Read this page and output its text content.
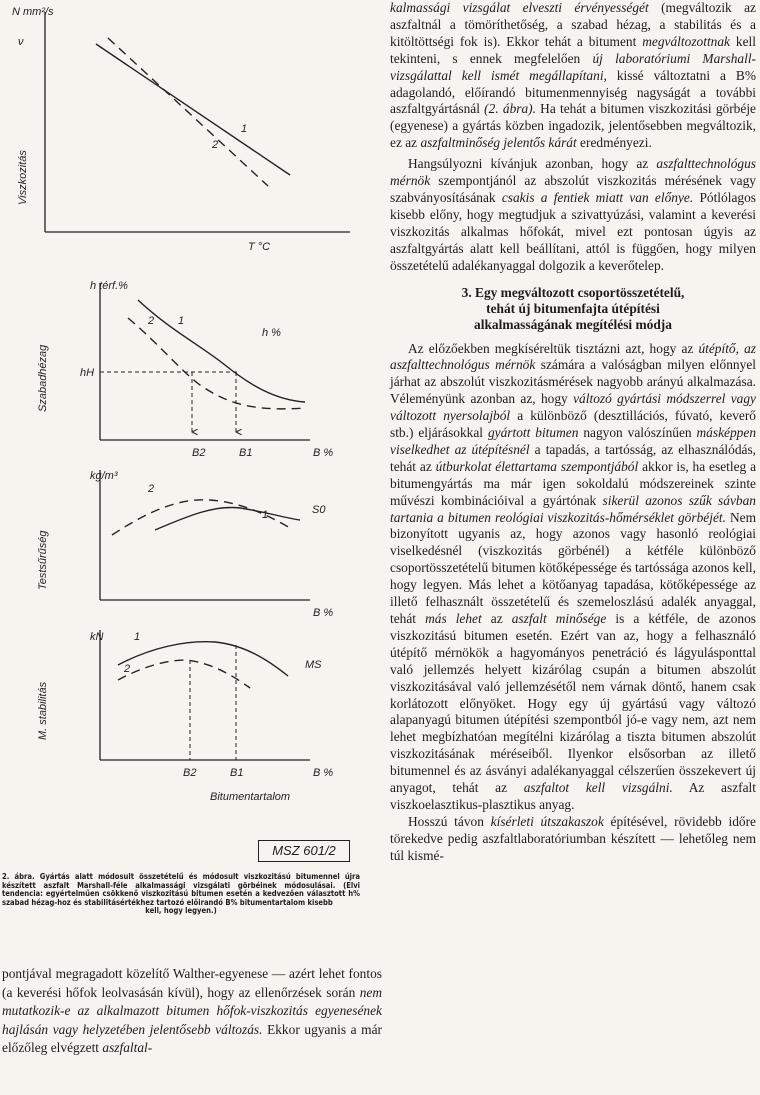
N mm²/s
ν
Viszkozitás
T °C
1
2
h térf.%
Szabadhézag	hH
h %
1
2
B2	B1	B %
kg/m³
Testsűrűség
S0
2
1
B %
kN
M. stabilitás
MS
1
2
B2	B1	B %
Bitumentartalom
MSZ 601/2
2. ábra. Gyártás alatt módosult összetételű és módosult viszkozitású bitumennel újra készített aszfalt Marshall-féle alkalmassági vizsgálati görbéinek módosulásai. (Elvi tendencia: egyértelműen csökkenő viszkozitású bitumen esetén a kedvezően választott h% szabad hézag-hoz és stabilitásértékhez tartozó előirandó B% bitumentartalom kisebb
kell, hogy legyen.)
pontjával megragadott közelítő Walther-egyenese — azért lehet fontos (a keverési hőfok leolvasásán kívül), hogy az ellenőrzések során nem mutatkozik-e az alkalmazott bitumen hőfok-viszkozitás egyenesének hajlásán vagy helyzetében jelentősebb változás. Ekkor ugyanis a már előzőleg elvégzett aszfaltal-

kalmassági vizsgálat elveszti érvényességét (megváltozik az aszfaltnál a tömöríthetőség, a szabad hézag, a stabilitás és a kitöltöttségi fok is). Ekkor tehát a bitument megváltozottnak kell tekinteni, s ennek megfelelően új laboratóriumi Marshall-vizsgálattal kell ismét megállapítani, kissé változtatni a B% adagolandó, előírandó bitumenmennyiség nagyságát a további aszfaltgyártásnál (2. ábra). Ha tehát a bitumen viszkozitási görbéje (egyenese) a gyártás közben ingadozik, jelentősebben megváltozik, ez az aszfaltminőség jelentős kárát eredményezi.

Hangsúlyozni kívánjuk azonban, hogy az aszfalttechnológus mérnök szempontjánól az abszolút viszkozitás mérésének vagy szabványosításának csakis a fentiek miatt van előnye. Pótlólagos kisebb előny, hogy megtudjuk a szivattyúzási, valamint a keverési viszkozitás alkalmas hőfokát, mivel ezt pontosan úgyis az aszfaltgyártás alatt kell beállítani, attól is függően, hogy milyen összetételű adalékanyaggal dolgozik a keverőtelep.

3. Egy megváltozott csoportösszetételű,
tehát új bitumenfajta útépítési
alkalmasságának megítélési módja

Az előzőekben megkíséreltük tisztázni azt, hogy az útépítő, az aszfalttechnológus mérnök számára a valóságban milyen előnnyel járhat az abszolút viszkozitásmérések nagyobb arányú alkalmazása. Véleményünk azonban az, hogy változó gyártási módszerrel vagy változott nyersolajból a különböző (desztillációs, fúvató, keverő stb.) eljárásokkal gyártott bitumen nagyon valószínűen másképpen viselkedhet az útépítésnél a tapadás, a tartósság, az elhasználódás, tehát az útburkolat élettartama szempontjából akkor is, ha esetleg a bitumengyártás ma már igen sokoldalú módszereinek szinte művészi kombinációival a gyártónak sikerül azonos szűk sávban tartania a bitumen reológiai viszkozitás-hőmérséklet görbéjét. Nem bizonyított ugyanis az, hogy azonos vagy hasonló reológiai viselkedésnél (viszkozitás görbénél) a kétféle különböző csoportösszetételű bitumen kötőképessége és tartóssága azonos kell, hogy legyen. Más lehet a kötőanyag tapadása, kötőképessége az illető felhasznált összetételű és szemeloszlású adalék anyaggal, tehát más lehet az aszfalt minősége is a kétféle, de azonos viszkozitású bitumen esetén. Ezért van az, hogy a felhasználó útépítő mérnökök a hagyományos penetráció és lágyulásponttal való jellemzés helyett kizárólag csupán a bitumen abszolút viszkozitásával való jellemzésétől nem várnak döntő, hanem csak korlátozott előnyöket. Hogy egy új gyártású vagy változó alapanyagú bitumen útépítési szempontból jó-e vagy nem, azt nem lehet megbízhatóan megítélni kizárólag a tiszta bitumen abszolút viszkozitásának méréseiből. Ilyenkor elsősorban az illető bitumennel és az ásványi adalékanyaggal célszerűen összekevert új anyagot, tehát az aszfaltot kell vizsgálni. Az aszfalt viszkoelasztikus-plasztikus anyag.

Hosszú távon kísérleti útszakaszok építésével, rövidebb időre törekedve pedig aszfaltlaboratóriumban készített — lehetőleg nem túl kismé-
